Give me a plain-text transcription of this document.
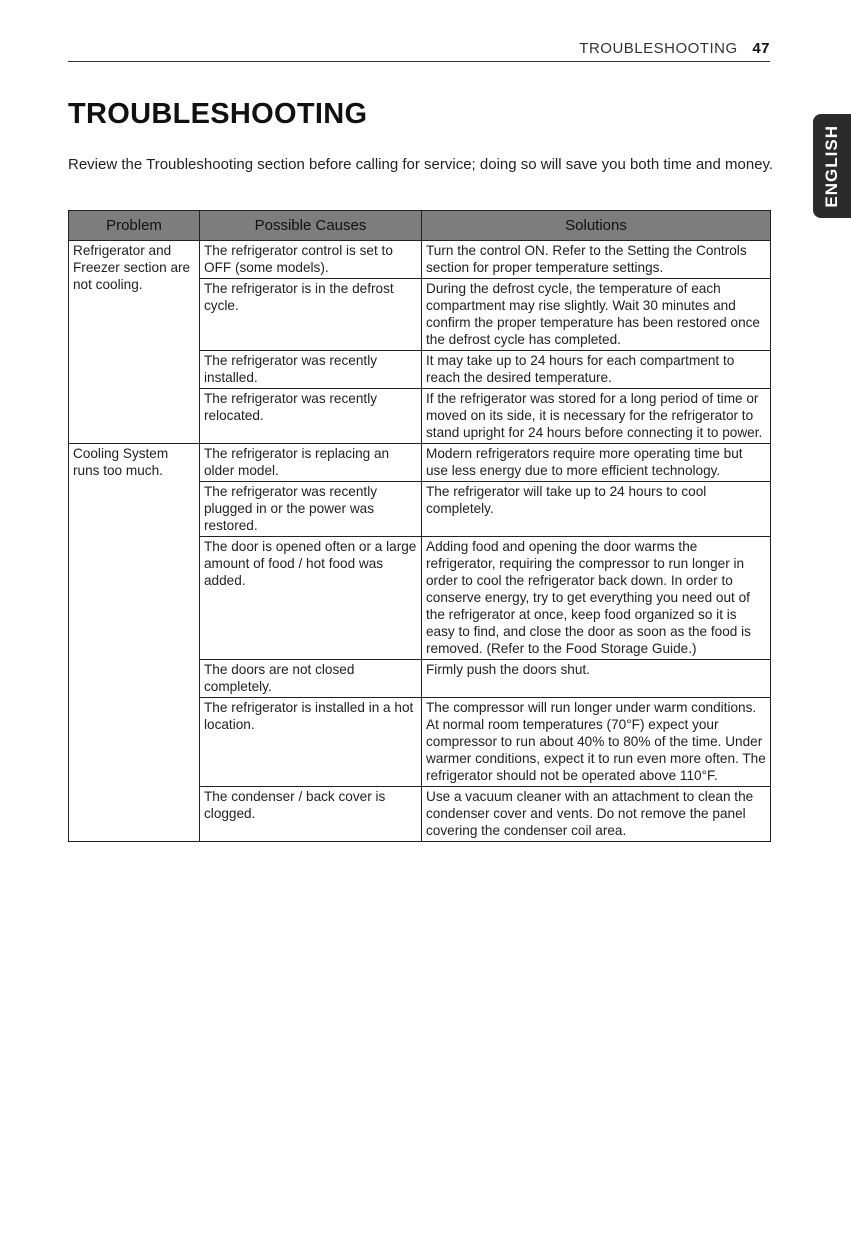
TROUBLESHOOTING 47
ENGLISH
TROUBLESHOOTING

Review the Troubleshooting section before calling for service; doing so will save you both time and money.

Problem	Possible Causes	Solutions
Refrigerator and Freezer section are not cooling.	The refrigerator control is set to OFF (some models).	Turn the control ON. Refer to the Setting the Controls section for proper temperature settings.
	The refrigerator is in the defrost cycle.	During the defrost cycle, the temperature of each compartment may rise slightly. Wait 30 minutes and confirm the proper temperature has been restored once the defrost cycle has completed.
	The refrigerator was recently installed.	It may take up to 24 hours for each compartment to reach the desired temperature.
	The refrigerator was recently relocated.	If the refrigerator was stored for a long period of time or moved on its side, it is necessary for the refrigerator to stand upright for 24 hours before connecting it to power.
Cooling System runs too much.	The refrigerator is replacing an older model.	Modern refrigerators require more operating time but use less energy due to more efficient technology.
	The refrigerator was recently plugged in or the power was restored.	The refrigerator will take up to 24 hours to cool completely.
	The door is opened often or a large amount of food / hot food was added.	Adding food and opening the door warms the refrigerator, requiring the compressor to run longer in order to cool the refrigerator back down. In order to conserve energy, try to get everything you need out of the refrigerator at once, keep food organized so it is easy to find, and close the door as soon as the food is removed. (Refer to the Food Storage Guide.)
	The doors are not closed completely.	Firmly push the doors shut.
	The refrigerator is installed in a hot location.	The compressor will run longer under warm conditions. At normal room temperatures (70°F) expect your compressor to run about 40% to 80% of the time. Under warmer conditions, expect it to run even more often. The refrigerator should not be operated above 110°F.
	The condenser / back cover is clogged.	Use a vacuum cleaner with an attachment to clean the condenser cover and vents. Do not remove the panel covering the condenser coil area.
